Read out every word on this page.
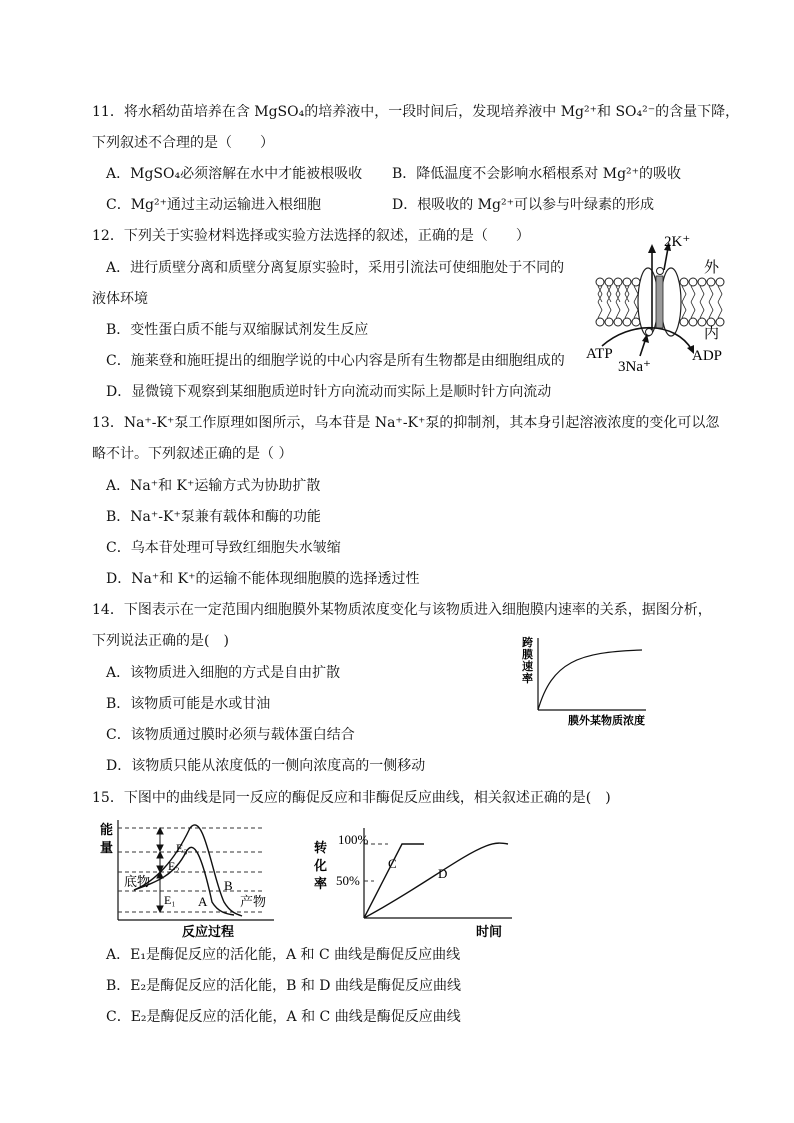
11．将水稻幼苗培养在含 MgSO₄的培养液中，一段时间后，发现培养液中 Mg²⁺和 SO₄²⁻的含量下降，
下列叙述不合理的是（　　）
A．MgSO₄必须溶解在水中才能被根吸收 B．降低温度不会影响水稻根系对 Mg²⁺的吸收
C．Mg²⁺通过主动运输进入根细胞	D．根吸收的 Mg²⁺可以参与叶绿素的形成
12．下列关于实验材料选择或实验方法选择的叙述，正确的是（　　）
A．进行质壁分离和质壁分离复原实验时，采用引流法可使细胞处于不同的
液体环境
B．变性蛋白质不能与双缩脲试剂发生反应
C．施莱登和施旺提出的细胞学说的中心内容是所有生物都是由细胞组成的
D．显微镜下观察到某细胞质逆时针方向流动而实际上是顺时针方向流动
2K⁺
外
内
ATP	ADP
3Na⁺
13．Na⁺-K⁺泵工作原理如图所示，乌本苷是 Na⁺-K⁺泵的抑制剂，其本身引起溶液浓度的变化可以忽
略不计。下列叙述正确的是（ ）
A．Na⁺和 K⁺运输方式为协助扩散
B．Na⁺-K⁺泵兼有载体和酶的功能
C．乌本苷处理可导致红细胞失水皱缩
D．Na⁺和 K⁺的运输不能体现细胞膜的选择透过性
14．下图表示在一定范围内细胞膜外某物质浓度变化与该物质进入细胞膜内速率的关系，据图分析，
下列说法正确的是(　)
A．该物质进入细胞的方式是自由扩散
B．该物质可能是水或甘油
C．该物质通过膜时必须与载体蛋白结合
D．该物质只能从浓度低的一侧向浓度高的一侧移动
跨
膜
速
率
膜外某物质浓度
15．下图中的曲线是同一反应的酶促反应和非酶促反应曲线，相关叙述正确的是(　)
能
量	E₃
E₂
E₁
底物
A
B
产物
反应过程
转
化
率
100%
50%
C
D
时间
A．E₁是酶促反应的活化能，A 和 C 曲线是酶促反应曲线
B．E₂是酶促反应的活化能，B 和 D 曲线是酶促反应曲线
C．E₂是酶促反应的活化能，A 和 C 曲线是酶促反应曲线
